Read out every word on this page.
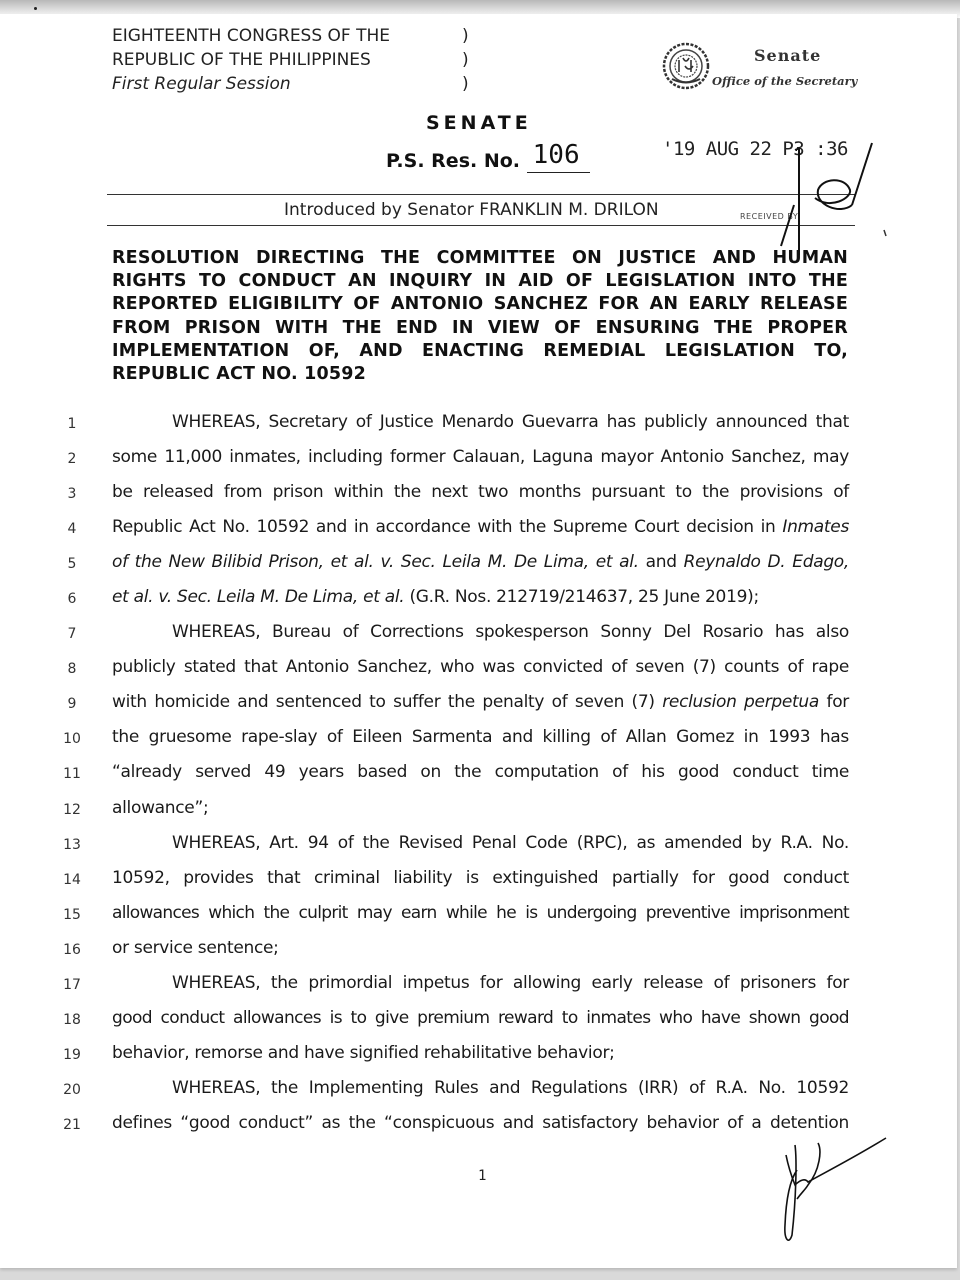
EIGHTEENTH CONGRESS OF THE
REPUBLIC OF THE PHILIPPINES
First Regular Session
)
)
)
Senate
Office of the Secretary
SENATE
P.S. Res. No. 106	'19 AUG 22 P3 :36
Introduced by Senator FRANKLIN M. DRILON	RECEIVED BY:
RESOLUTION DIRECTING THE COMMITTEE ON JUSTICE AND HUMAN
RIGHTS TO CONDUCT AN INQUIRY IN AID OF LEGISLATION INTO THE
REPORTED ELIGIBILITY OF ANTONIO SANCHEZ FOR AN EARLY RELEASE
FROM PRISON WITH THE END IN VIEW OF ENSURING THE PROPER
IMPLEMENTATION OF, AND ENACTING REMEDIAL LEGISLATION TO,
REPUBLIC ACT NO. 10592
1	WHEREAS, Secretary of Justice Menardo Guevarra has publicly announced that
2	some 11,000 inmates, including former Calauan, Laguna mayor Antonio Sanchez, may
3	be released from prison within the next two months pursuant to the provisions of
4	Republic Act No. 10592 and in accordance with the Supreme Court decision in Inmates
5	of the New Bilibid Prison, et al. v. Sec. Leila M. De Lima, et al. and Reynaldo D. Edago,
6	et al. v. Sec. Leila M. De Lima, et al. (G.R. Nos. 212719/214637, 25 June 2019);
7	WHEREAS, Bureau of Corrections spokesperson Sonny Del Rosario has also
8	publicly stated that Antonio Sanchez, who was convicted of seven (7) counts of rape
9	with homicide and sentenced to suffer the penalty of seven (7) reclusion perpetua for
10 the gruesome rape-slay of Eileen Sarmenta and killing of Allan Gomez in 1993 has
11 “already served 49 years based on the computation of his good conduct time
12 allowance”;
13	WHEREAS, Art. 94 of the Revised Penal Code (RPC), as amended by R.A. No.
14 10592, provides that criminal liability is extinguished partially for good conduct
15 allowances which the culprit may earn while he is undergoing preventive imprisonment
16 or service sentence;
17	WHEREAS, the primordial impetus for allowing early release of prisoners for
18 good conduct allowances is to give premium reward to inmates who have shown good
19 behavior, remorse and have signified rehabilitative behavior;
20	WHEREAS, the Implementing Rules and Regulations (IRR) of R.A. No. 10592
21 defines “good conduct” as the “conspicuous and satisfactory behavior of a detention
1
